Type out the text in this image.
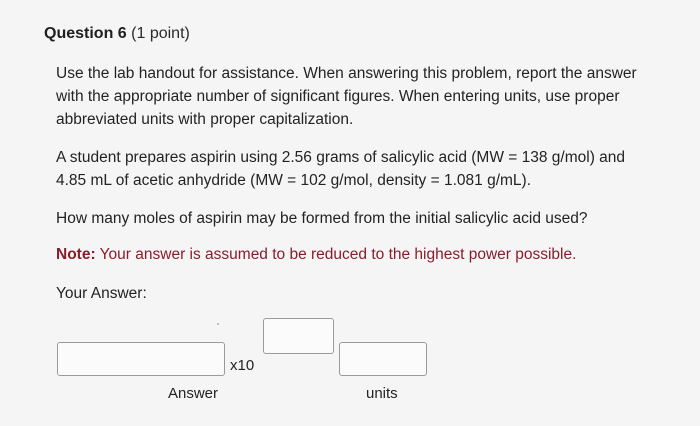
Question 6 (1 point)
Use the lab handout for assistance. When answering this problem, report the answer
with the appropriate number of significant figures. When entering units, use proper
abbreviated units with proper capitalization.
A student prepares aspirin using 2.56 grams of salicylic acid (MW = 138 g/mol) and
4.85 mL of acetic anhydride (MW = 102 g/mol, density = 1.081 g/mL).
How many moles of aspirin may be formed from the initial salicylic acid used?
Note: Your answer is assumed to be reduced to the highest power possible.
Your Answer:
x10
Answer	units
